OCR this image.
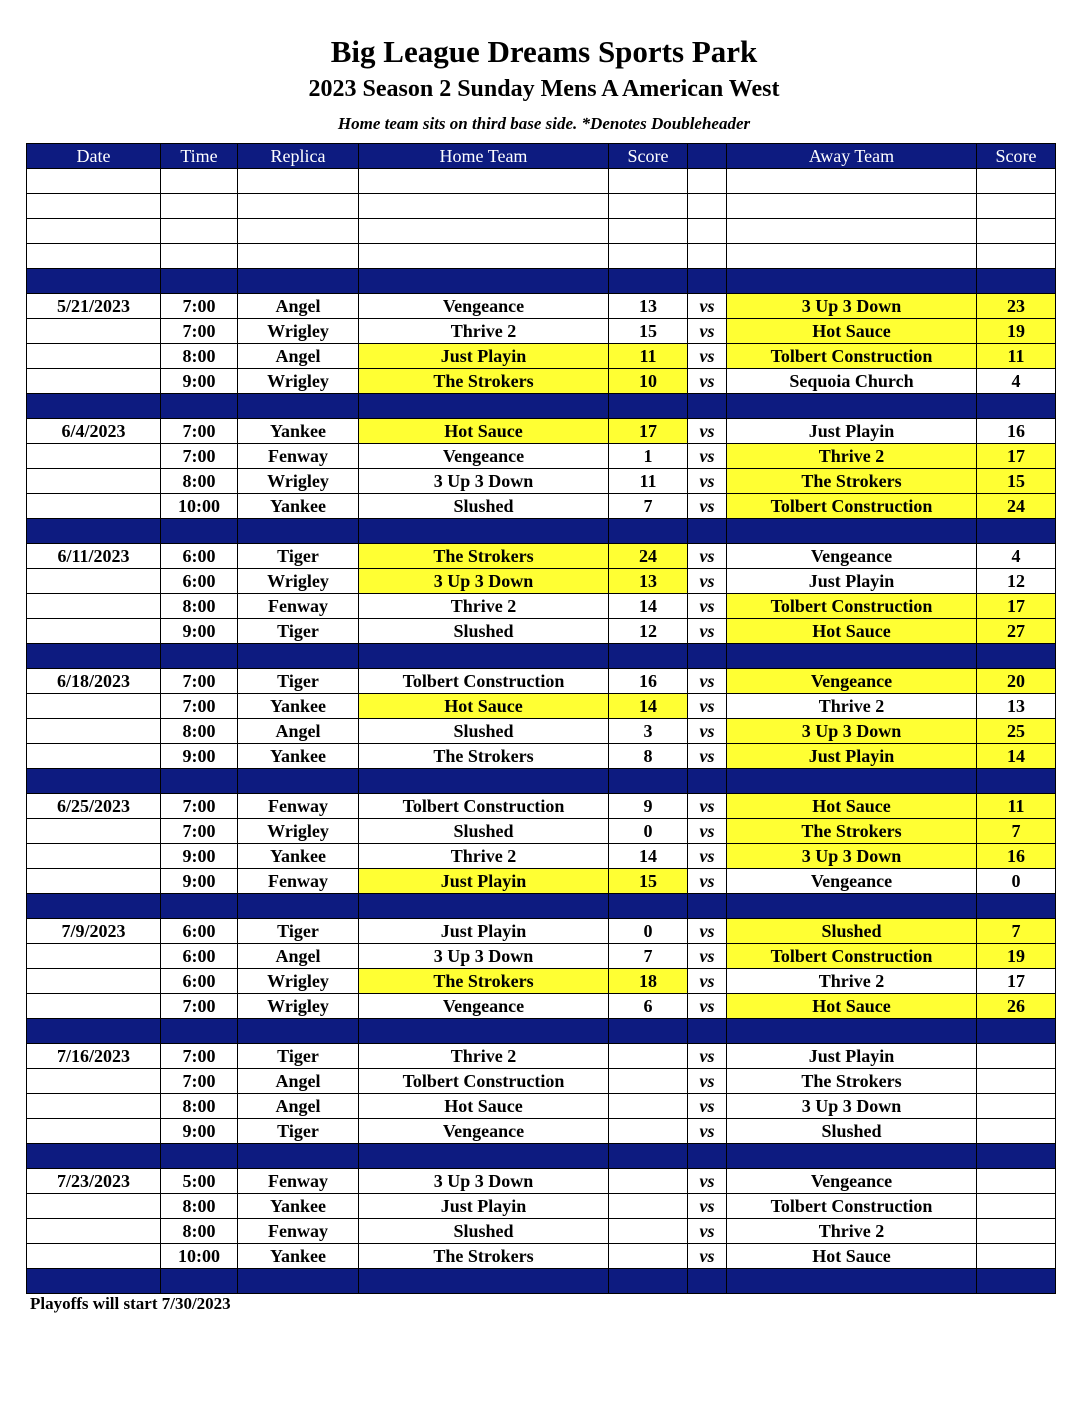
Big League Dreams Sports Park
2023 Season 2 Sunday Mens A American West
Home team sits on third base side. *Denotes Doubleheader
Date	Time	Replica	Home Team	Score		Away Team	Score

5/21/2023	7:00	Angel	Vengeance	13	vs	3 Up 3 Down	23
	7:00	Wrigley	Thrive 2	15	vs	Hot Sauce	19
	8:00	Angel	Just Playin	11	vs	Tolbert Construction	11
	9:00	Wrigley	The Strokers	10	vs	Sequoia Church	4

6/4/2023	7:00	Yankee	Hot Sauce	17	vs	Just Playin	16
	7:00	Fenway	Vengeance	1	vs	Thrive 2	17
	8:00	Wrigley	3 Up 3 Down	11	vs	The Strokers	15
	10:00	Yankee	Slushed	7	vs	Tolbert Construction	24

6/11/2023	6:00	Tiger	The Strokers	24	vs	Vengeance	4
	6:00	Wrigley	3 Up 3 Down	13	vs	Just Playin	12
	8:00	Fenway	Thrive 2	14	vs	Tolbert Construction	17
	9:00	Tiger	Slushed	12	vs	Hot Sauce	27

6/18/2023	7:00	Tiger	Tolbert Construction	16	vs	Vengeance	20
	7:00	Yankee	Hot Sauce	14	vs	Thrive 2	13
	8:00	Angel	Slushed	3	vs	3 Up 3 Down	25
	9:00	Yankee	The Strokers	8	vs	Just Playin	14

6/25/2023	7:00	Fenway	Tolbert Construction	9	vs	Hot Sauce	11
	7:00	Wrigley	Slushed	0	vs	The Strokers	7
	9:00	Yankee	Thrive 2	14	vs	3 Up 3 Down	16
	9:00	Fenway	Just Playin	15	vs	Vengeance	0

7/9/2023	6:00	Tiger	Just Playin	0	vs	Slushed	7
	6:00	Angel	3 Up 3 Down	7	vs	Tolbert Construction	19
	6:00	Wrigley	The Strokers	18	vs	Thrive 2	17
	7:00	Wrigley	Vengeance	6	vs	Hot Sauce	26

7/16/2023	7:00	Tiger	Thrive 2		vs	Just Playin	
	7:00	Angel	Tolbert Construction		vs	The Strokers	
	8:00	Angel	Hot Sauce		vs	3 Up 3 Down	
	9:00	Tiger	Vengeance		vs	Slushed	

7/23/2023	5:00	Fenway	3 Up 3 Down		vs	Vengeance	
	8:00	Yankee	Just Playin		vs	Tolbert Construction	
	8:00	Fenway	Slushed		vs	Thrive 2	
	10:00	Yankee	The Strokers		vs	Hot Sauce	

Playoffs will start 7/30/2023
